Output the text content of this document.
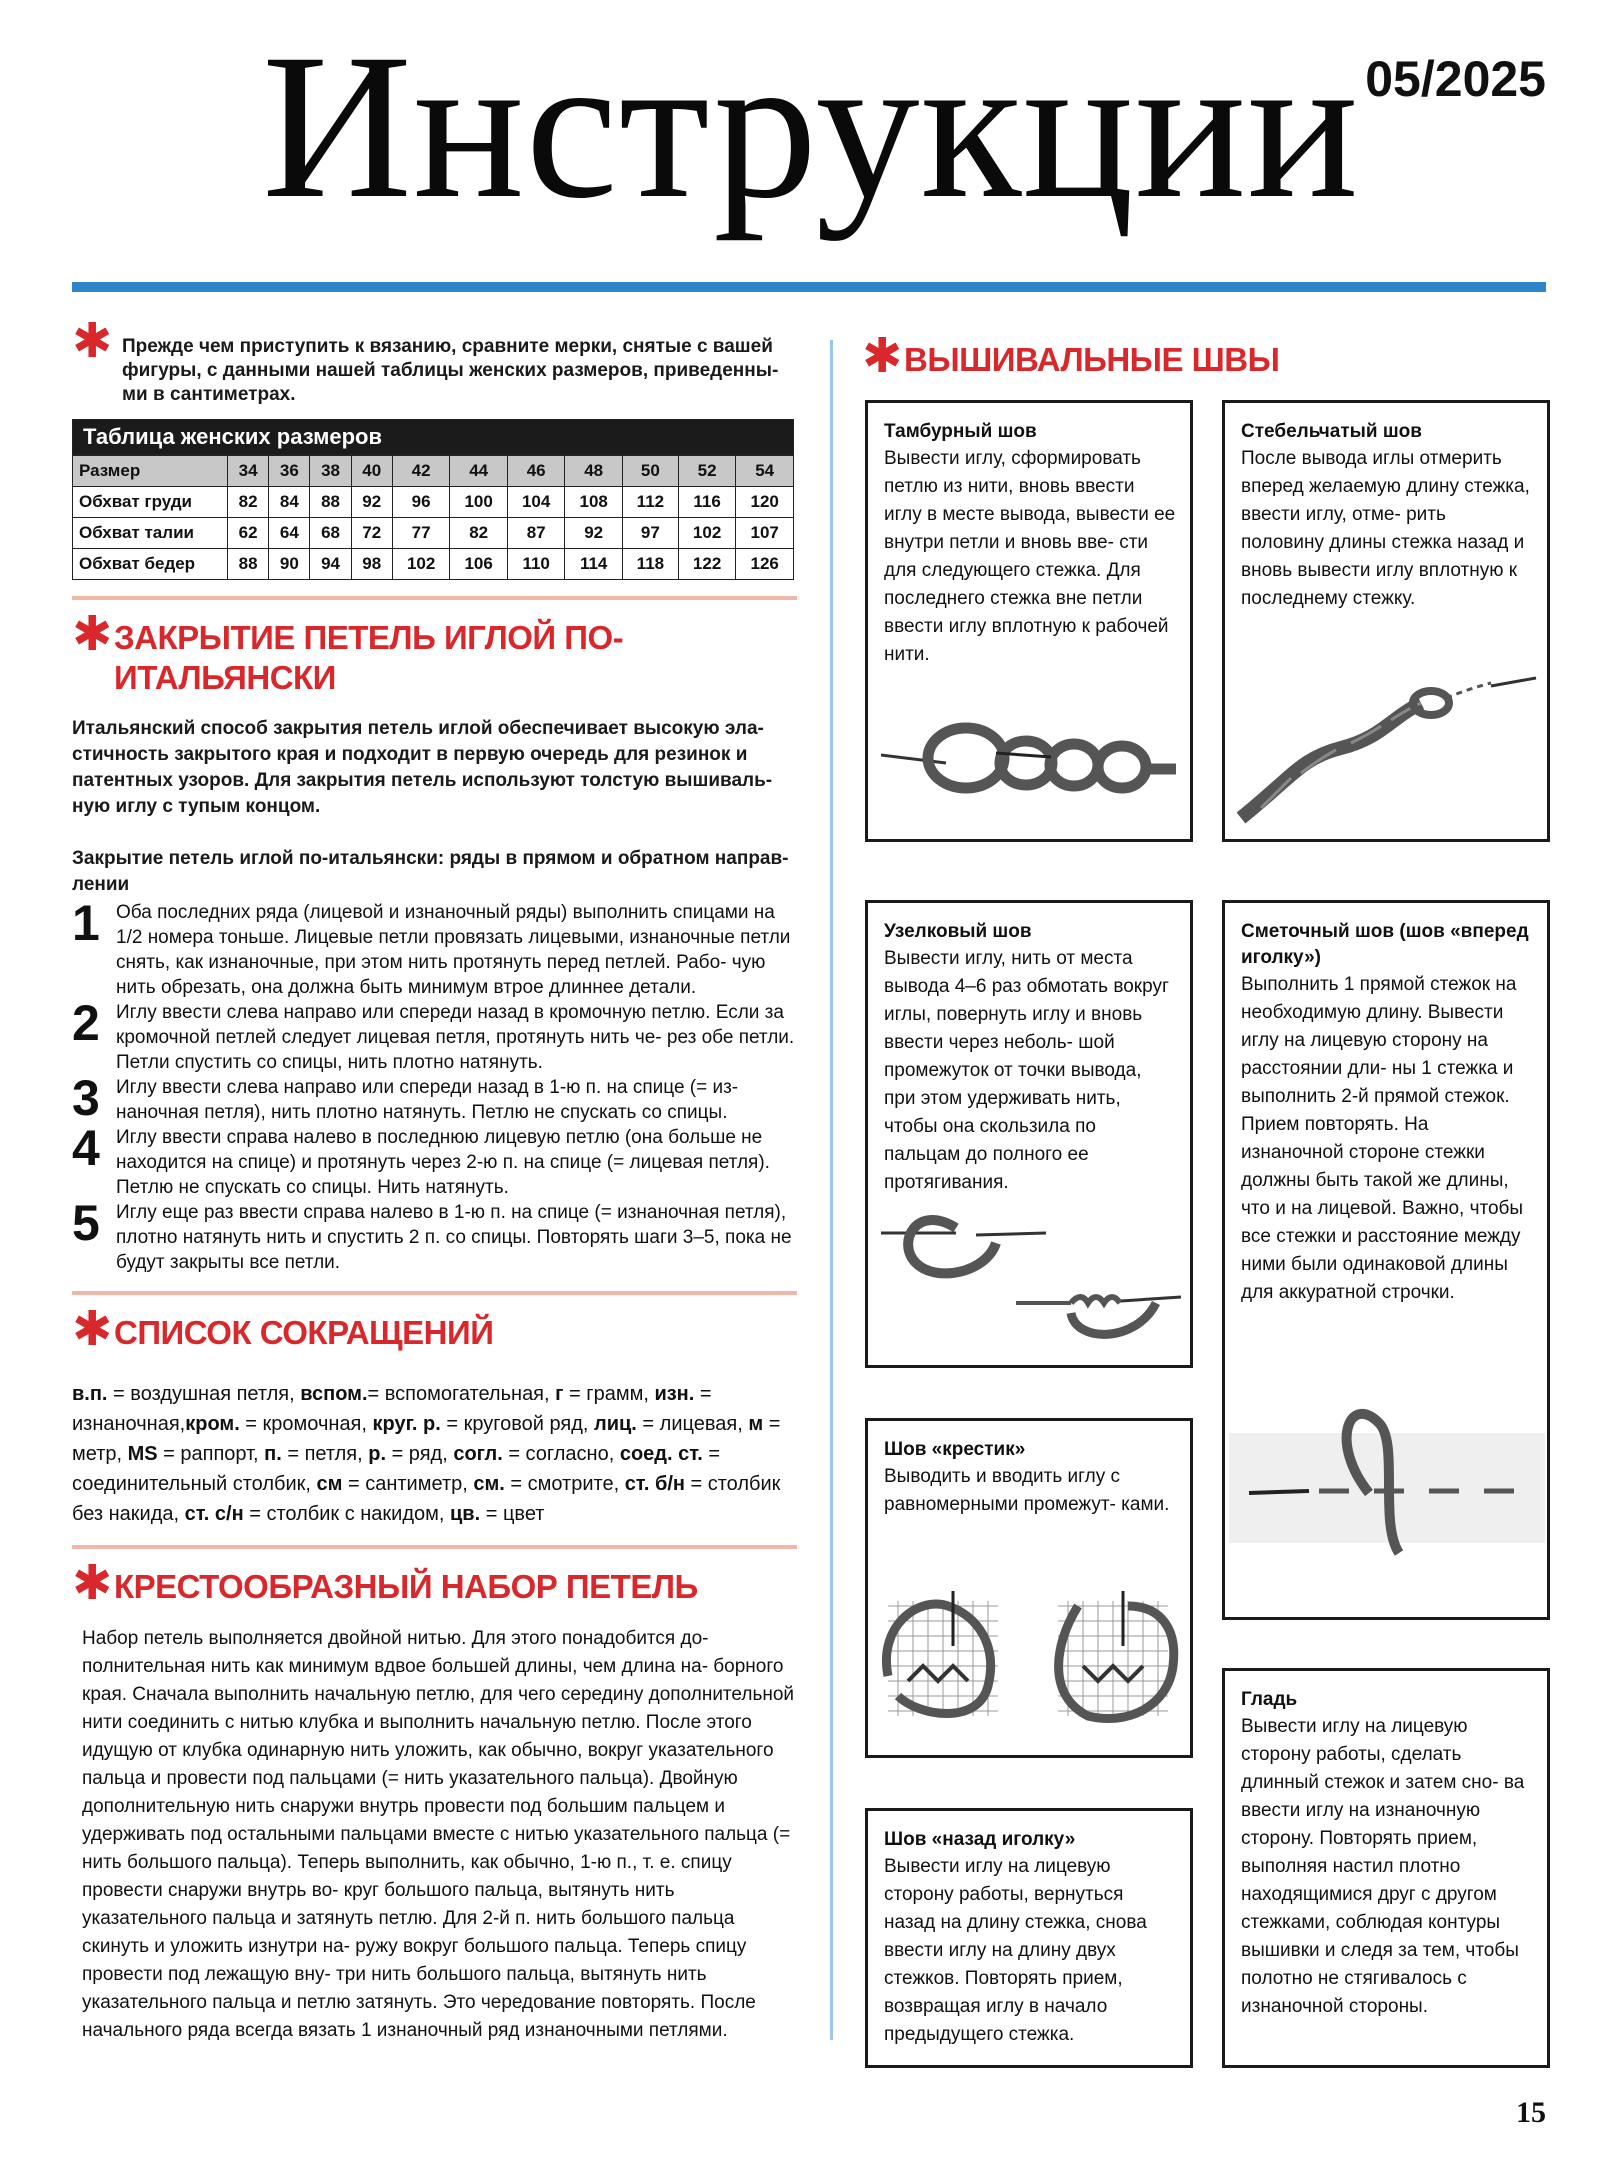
Инструкции 05/2025
✱ Прежде чем приступить к вязанию, сравните мерки, снятые с вашей фигуры, с данными нашей таблицы женских размеров, приведенны- ми в сантиметрах.
Таблица женских размеров
Размер	34	36	38	40	42	44	46	48	50	52	54
Обхват груди	82	84	88	92	96	100	104	108	112	116	120
Обхват талии	62	64	68	72	77	82	87	92	97	102	107
Обхват бедер	88	90	94	98	102	106	110	114	118	122	126
✱ ЗАКРЫТИЕ ПЕТЕЛЬ ИГЛОЙ ПО-ИТАЛЬЯНСКИ

Итальянский способ закрытия петель иглой обеспечивает высокую эла- стичность закрытого края и подходит в первую очередь для резинок и патентных узоров. Для закрытия петель используют толстую вышиваль- ную иглу с тупым концом.

Закрытие петель иглой по-итальянски: ряды в прямом и обратном направ- лении

1 Оба последних ряда (лицевой и изнаночный ряды) выполнить спицами на 1/2 номера тоньше. Лицевые петли провязать лицевыми, изнаночные петли снять, как изнаночные, при этом нить протянуть перед петлей. Рабо- чую нить обрезать, она должна быть минимум втрое длиннее детали.
2 Иглу ввести слева направо или спереди назад в кромочную петлю. Если за кромочной петлей следует лицевая петля, протянуть нить че- рез обе петли. Петли спустить со спицы, нить плотно натянуть.
3 Иглу ввести слева направо или спереди назад в 1-ю п. на спице (= из- наночная петля), нить плотно натянуть. Петлю не спускать со спицы.
4 Иглу ввести справа налево в последнюю лицевую петлю (она больше не находится на спице) и протянуть через 2-ю п. на спице (= лицевая петля). Петлю не спускать со спицы. Нить натянуть.
5 Иглу еще раз ввести справа налево в 1-ю п. на спице (= изнаночная петля), плотно натянуть нить и спустить 2 п. со спицы. Повторять шаги 3–5, пока не будут закрыты все петли.
✱ СПИСОК СОКРАЩЕНИЙ

в.п. = воздушная петля, вспом.= вспомогательная, г = грамм, изн. = изнаночная,кром. = кромочная, круг. р. = круговой ряд, лиц. = лицевая, м = метр, MS = раппорт, п. = петля, р. = ряд, согл. = согласно, соед. ст. = соединительный столбик, см = сантиметр, см. = смотрите, ст. б/н = столбик без накида, ст. с/н = столбик с накидом, цв. = цвет

✱ КРЕСТООБРАЗНЫЙ НАБОР ПЕТЕЛЬ

Набор петель выполняется двойной нитью. Для этого понадобится до- полнительная нить как минимум вдвое большей длины, чем длина на- борного края. Сначала выполнить начальную петлю, для чего середину дополнительной нити соединить с нитью клубка и выполнить начальную петлю. После этого идущую от клубка одинарную нить уложить, как обычно, вокруг указательного пальца и провести под пальцами (= нить указательного пальца). Двойную дополнительную нить снаружи внутрь провести под большим пальцем и удерживать под остальными пальцами вместе с нитью указательного пальца (= нить большого пальца). Теперь выполнить, как обычно, 1-ю п., т. е. спицу провести снаружи внутрь во- круг большого пальца, вытянуть нить указательного пальца и затянуть петлю. Для 2-й п. нить большого пальца скинуть и уложить изнутри на- ружу вокруг большого пальца. Теперь спицу провести под лежащую вну- три нить большого пальца, вытянуть нить указательного пальца и петлю затянуть. Это чередование повторять. После начального ряда всегда вязать 1 изнаночный ряд изнаночными петлями.

✱ ВЫШИВАЛЬНЫЕ ШВЫ
Тамбурный шов
Вывести иглу, сформировать петлю из нити, вновь ввести иглу в месте вывода, вывести ее внутри петли и вновь вве- сти для следующего стежка. Для последнего стежка вне петли ввести иглу вплотную к рабочей нити.
Стебельчатый шов
После вывода иглы отмерить вперед желаемую длину стежка, ввести иглу, отме- рить половину длины стежка назад и вновь вывести иглу вплотную к последнему стежку.
Узелковый шов
Вывести иглу, нить от места вывода 4–6 раз обмотать вокруг иглы, повернуть иглу и вновь ввести через неболь- шой промежуток от точки вывода, при этом удерживать нить, чтобы она скользила по пальцам до полного ее протягивания.
Сметочный шов (шов «вперед иголку»)
Выполнить 1 прямой стежок на необходимую длину. Вывести иглу на лицевую сторону на расстоянии дли- ны 1 стежка и выполнить 2-й прямой стежок. Прием повторять. На изнаночной стороне стежки должны быть такой же длины, что и на лицевой. Важно, чтобы все стежки и расстояние между ними были одинаковой длины для аккуратной строчки.
Шов «крестик»
Выводить и вводить иглу с равномерными промежут- ками.
Шов «назад иголку»
Вывести иглу на лицевую сторону работы, вернуться назад на длину стежка, снова ввести иглу на длину двух стежков. Повторять прием, возвращая иглу в начало предыдущего стежка.
Гладь
Вывести иглу на лицевую сторону работы, сделать длинный стежок и затем сно- ва ввести иглу на изнаночную сторону. Повторять прием, выполняя настил плотно находящимися друг с другом стежками, соблюдая контуры вышивки и следя за тем, чтобы полотно не стягивалось с изнаночной стороны.
15
